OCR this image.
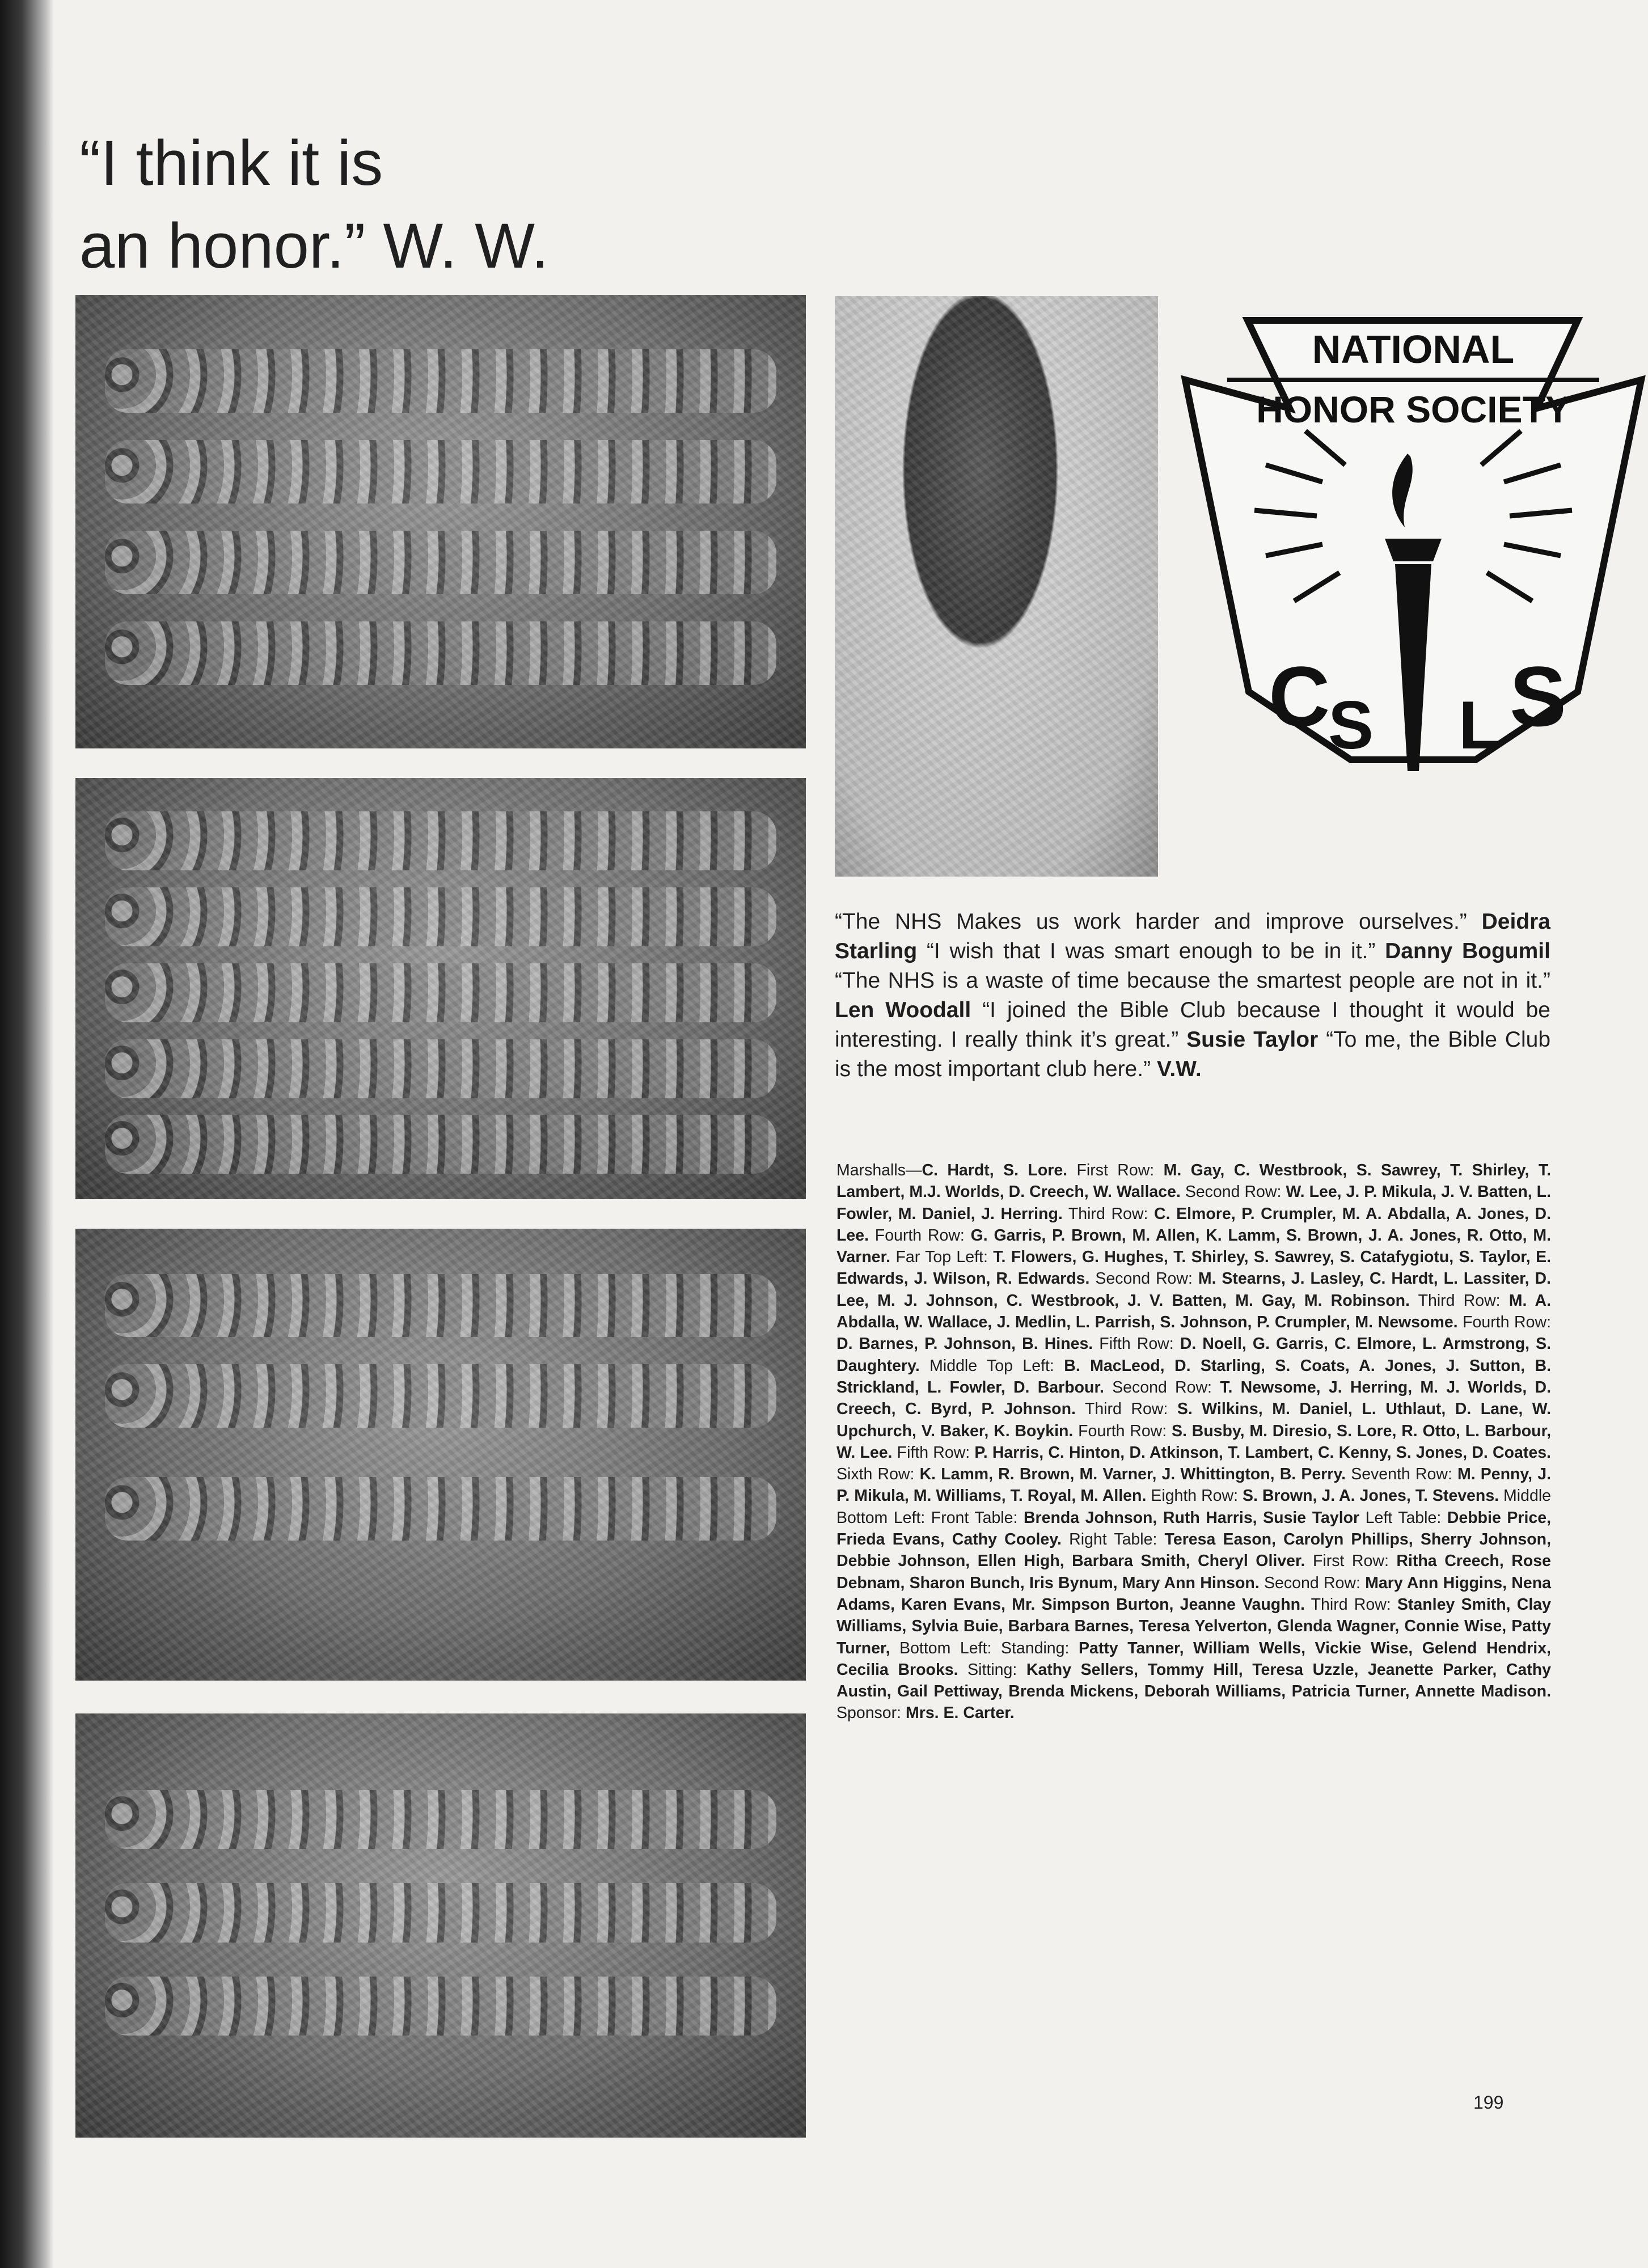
“I think it is
an honor.” W. W.
NATIONAL
HONOR SOCIETY
C
S L S

“The NHS Makes us work harder and improve ourselves.” Deidra Starling “I wish that I was smart enough to be in it.” Danny Bogumil “The NHS is a waste of time because the smartest people are not in it.” Len Woodall “I joined the Bible Club because I thought it would be interesting. I really think it’s great.” Susie Taylor “To me, the Bible Club is the most important club here.” V.W.

Marshalls—C. Hardt, S. Lore. First Row: M. Gay, C. Westbrook, S. Sawrey, T. Shirley, T. Lambert, M.J. Worlds, D. Creech, W. Wallace. Second Row: W. Lee, J. P. Mikula, J. V. Batten, L. Fowler, M. Daniel, J. Herring. Third Row: C. Elmore, P. Crumpler, M. A. Abdalla, A. Jones, D. Lee. Fourth Row: G. Garris, P. Brown, M. Allen, K. Lamm, S. Brown, J. A. Jones, R. Otto, M. Varner. Far Top Left: T. Flowers, G. Hughes, T. Shirley, S. Sawrey, S. Catafygiotu, S. Taylor, E. Edwards, J. Wilson, R. Edwards. Second Row: M. Stearns, J. Lasley, C. Hardt, L. Lassiter, D. Lee, M. J. Johnson, C. Westbrook, J. V. Batten, M. Gay, M. Robinson. Third Row: M. A. Abdalla, W. Wallace, J. Medlin, L. Parrish, S. Johnson, P. Crumpler, M. Newsome. Fourth Row: D. Barnes, P. Johnson, B. Hines. Fifth Row: D. Noell, G. Garris, C. Elmore, L. Armstrong, S. Daughtery. Middle Top Left: B. MacLeod, D. Starling, S. Coats, A. Jones, J. Sutton, B. Strickland, L. Fowler, D. Barbour. Second Row: T. Newsome, J. Herring, M. J. Worlds, D. Creech, C. Byrd, P. Johnson. Third Row: S. Wilkins, M. Daniel, L. Uthlaut, D. Lane, W. Upchurch, V. Baker, K. Boykin. Fourth Row: S. Busby, M. Diresio, S. Lore, R. Otto, L. Barbour, W. Lee. Fifth Row: P. Harris, C. Hinton, D. Atkinson, T. Lambert, C. Kenny, S. Jones, D. Coates. Sixth Row: K. Lamm, R. Brown, M. Varner, J. Whittington, B. Perry. Seventh Row: M. Penny, J. P. Mikula, M. Williams, T. Royal, M. Allen. Eighth Row: S. Brown, J. A. Jones, T. Stevens. Middle Bottom Left: Front Table: Brenda Johnson, Ruth Harris, Susie Taylor Left Table: Debbie Price, Frieda Evans, Cathy Cooley. Right Table: Teresa Eason, Carolyn Phillips, Sherry Johnson, Debbie Johnson, Ellen High, Barbara Smith, Cheryl Oliver. First Row: Ritha Creech, Rose Debnam, Sharon Bunch, Iris Bynum, Mary Ann Hinson. Second Row: Mary Ann Higgins, Nena Adams, Karen Evans, Mr. Simpson Burton, Jeanne Vaughn. Third Row: Stanley Smith, Clay Williams, Sylvia Buie, Barbara Barnes, Teresa Yelverton, Glenda Wagner, Connie Wise, Patty Turner, Bottom Left: Standing: Patty Tanner, William Wells, Vickie Wise, Gelend Hendrix, Cecilia Brooks. Sitting: Kathy Sellers, Tommy Hill, Teresa Uzzle, Jeanette Parker, Cathy Austin, Gail Pettiway, Brenda Mickens, Deborah Williams, Patricia Turner, Annette Madison. Sponsor: Mrs. E. Carter.

199
